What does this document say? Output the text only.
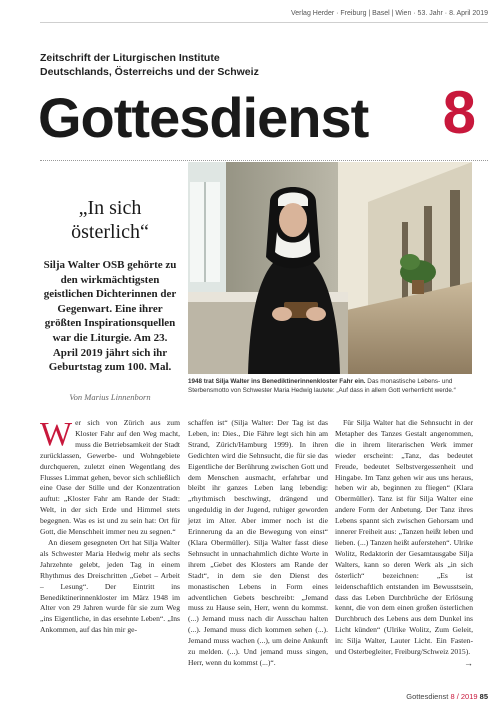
Verlag Herder · Freiburg | Basel | Wien · 53. Jahr · 8. April 2019
Zeitschrift der Liturgischen Institute
Deutschlands, Österreichs und der Schweiz
Gottesdienst 8
„In sich österlich“
Silja Walter OSB gehörte zu den wirkmächtigsten geistlichen Dichterinnen der Gegenwart. Eine ihrer größten Inspirationsquellen war die Liturgie. Am 23. April 2019 jährt sich ihr Geburtstag zum 100. Mal.
Von Marius Linnenborn
1948 trat Silja Walter ins Benediktinerinnenkloster Fahr ein. Das monastische Lebens- und Sterbensmotto von Schwester Maria Hedwig lautete: „Auf dass in allem Gott verherrlicht werde.“

Wer sich von Zürich aus zum Kloster Fahr auf den Weg macht, muss die Betriebsamkeit der Stadt zurücklassen, Gewerbe- und Wohngebiete durchqueren, zuletzt einen Wegentlang des Flusses Limmat gehen, bevor sich schließlich eine Oase der Stille und der Konzentration auftut: „Kloster Fahr am Rande der Stadt: Welt, in der sich Erde und Himmel stets begegnen. Was es ist und zu sein hat: Ort für Gott, die Menschheit immer neu zu segnen.“

An diesem gesegneten Ort hat Silja Walter als Schwester Maria Hedwig mehr als sechs Jahrzehnte gelebt, jeden Tag in einem Rhythmus des Dreischritten „Gebet – Arbeit – Lesung“. Der Eintritt ins Benediktinerinnenkloster im März 1948 im Alter von 29 Jahren wurde für sie zum Weg „ins Eigentliche, in das ersehnte Leben“. „Ins Ankommen, auf das hin mir ge-

schaffen ist“ (Silja Walter: Der Tag ist das Leben, in: Dies., Die Fähre legt sich hin am Strand, Zürich/Hamburg 1999). In ihren Gedichten wird die Sehnsucht, die für sie das Eigentliche der Berührung zwischen Gott und dem Menschen ausmacht, erfahrbar und bleibt ihr ganzes Leben lang lebendig: „rhythmisch beschwingt, drängend und ungeduldig in der Jugend, ruhiger geworden jetzt im Alter. Aber immer noch ist die Erinnerung da an die Bewegung von einst“ (Klara Obermüller). Silja Walter fasst diese Sehnsucht in unnachahmlich dichte Worte in ihrem „Gebet des Klosters am Rande der Stadt“, in dem sie den Dienst des monastischen Lebens in Form eines adventlichen Gebets beschreibt: „Jemand muss zu Hause sein, Herr, wenn du kommst. (...) Jemand muss nach dir Ausschau halten (...). Jemand muss dich kommen sehen (...). Jemand muss wachen (...), um deine Ankunft zu melden. (...). Und jemand muss singen, Herr, wenn du kommst (...)“.

Für Silja Walter hat die Sehnsucht in der Metapher des Tanzes Gestalt angenommen, die in ihrem literarischen Werk immer wieder erscheint: „Tanz, das bedeutet Freude, bedeutet Selbstvergessenheit und Hingabe. Im Tanz gehen wir aus uns heraus, heben wir ab, beginnen zu fliegen“ (Klara Obermüller). Tanz ist für Silja Walter eine andere Form der Anbetung. Der Tanz ihres Lebens spannt sich zwischen Gehorsam und innerer Freiheit aus: „Tanzen heißt leben und lieben. (...) Tanzen heißt auferstehen“. Ulrike Wolitz, Redaktorin der Gesamtausgabe Silja Walters, kann so deren Werk als „in sich österlich“ bezeichnen: „Es ist leidenschaftlich entstanden im Bewusstsein, dass das Leben Durchbrüche der Erlösung kennt, die von dem einen großen österlichen Durchbruch des Lebens aus dem Dunkel ins Licht künden“ (Ulrike Wolitz, Zum Geleit, in: Silja Walter, Lauter Licht. Ein Fasten- und Osterbegleiter, Freiburg/Schweiz 2015).

→
Gottesdienst 8 / 2019 85
